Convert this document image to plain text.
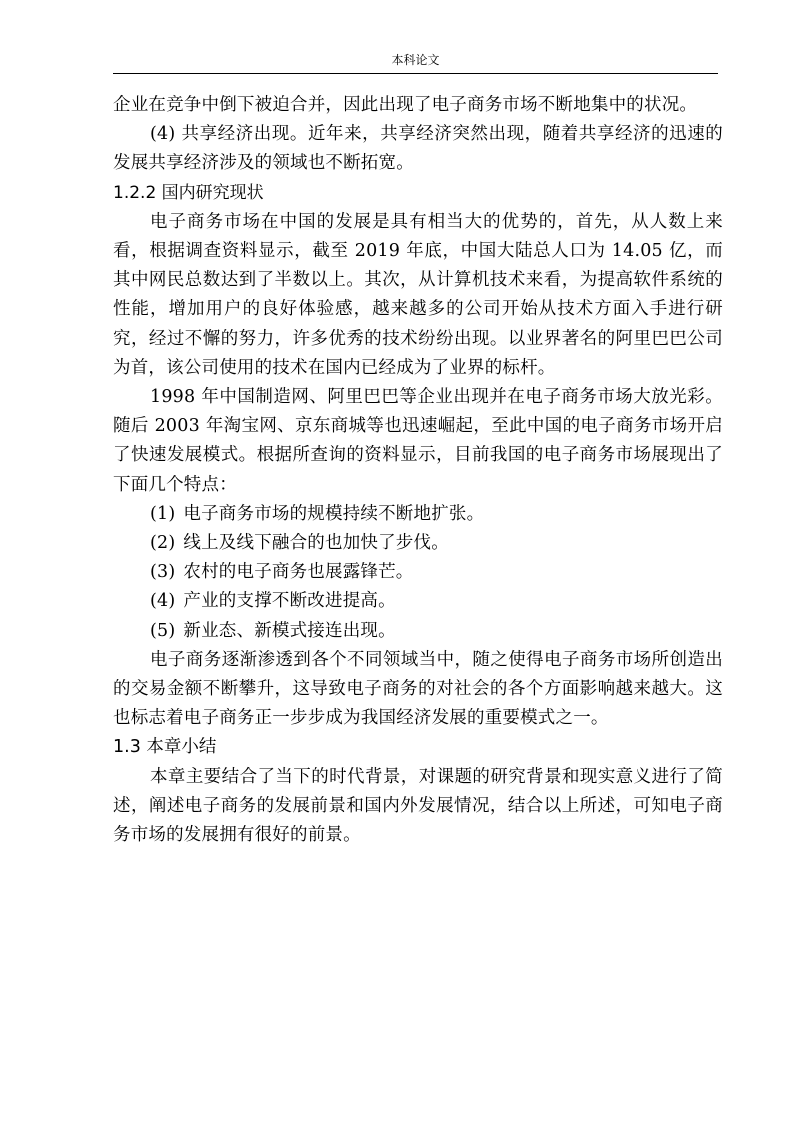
本科论文

企业在竞争中倒下被迫合并，因此出现了电子商务市场不断地集中的状况。

(4) 共享经济出现。近年来，共享经济突然出现，随着共享经济的迅速的发展共享经济涉及的领域也不断拓宽。

1.2.2 国内研究现状

电子商务市场在中国的发展是具有相当大的优势的，首先，从人数上来看，根据调查资料显示，截至 2019 年底，中国大陆总人口为 14.05 亿，而其中网民总数达到了半数以上。其次，从计算机技术来看，为提高软件系统的性能，增加用户的良好体验感，越来越多的公司开始从技术方面入手进行研究，经过不懈的努力，许多优秀的技术纷纷出现。以业界著名的阿里巴巴公司为首，该公司使用的技术在国内已经成为了业界的标杆。

1998 年中国制造网、阿里巴巴等企业出现并在电子商务市场大放光彩。随后 2003 年淘宝网、京东商城等也迅速崛起，至此中国的电子商务市场开启了快速发展模式。根据所查询的资料显示，目前我国的电子商务市场展现出了下面几个特点：

(1) 电子商务市场的规模持续不断地扩张。

(2) 线上及线下融合的也加快了步伐。

(3) 农村的电子商务也展露锋芒。

(4) 产业的支撑不断改进提高。

(5) 新业态、新模式接连出现。

电子商务逐渐渗透到各个不同领域当中，随之使得电子商务市场所创造出的交易金额不断攀升，这导致电子商务的对社会的各个方面影响越来越大。这也标志着电子商务正一步步成为我国经济发展的重要模式之一。

1.3 本章小结

本章主要结合了当下的时代背景，对课题的研究背景和现实意义进行了简述，阐述电子商务的发展前景和国内外发展情况，结合以上所述，可知电子商务市场的发展拥有很好的前景。
